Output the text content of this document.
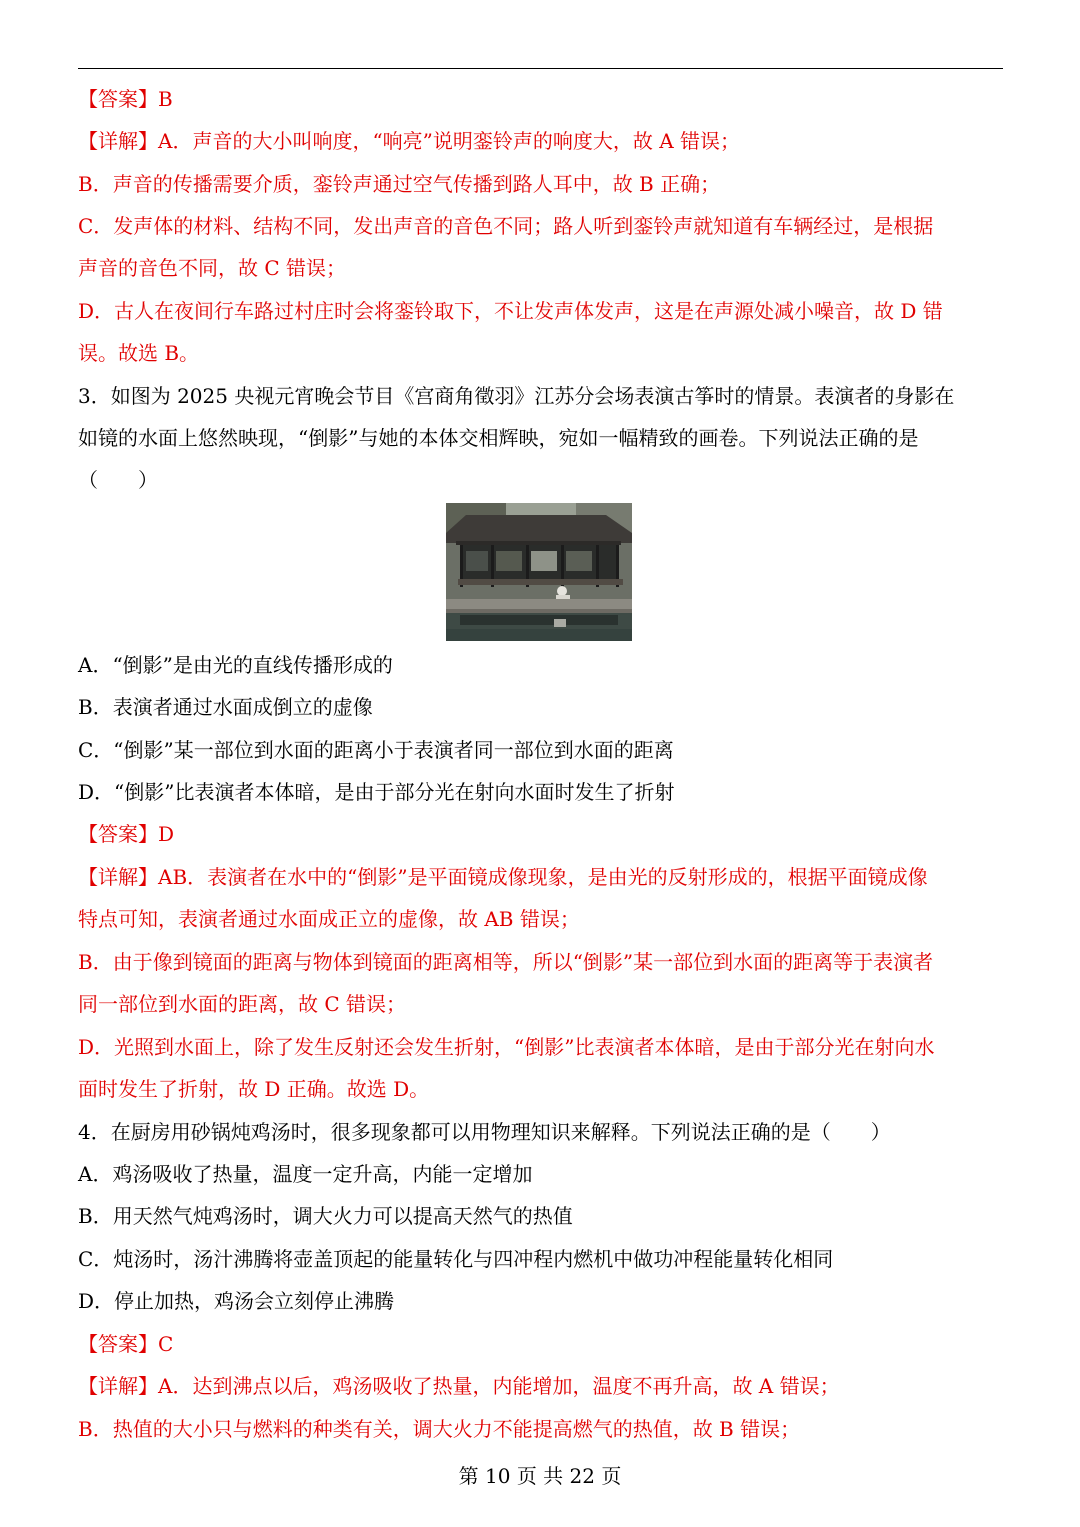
【答案】B
【详解】A．声音的大小叫响度，“响亮”说明銮铃声的响度大，故 A 错误；
B．声音的传播需要介质，銮铃声通过空气传播到路人耳中，故 B 正确；
C．发声体的材料、结构不同，发出声音的音色不同；路人听到銮铃声就知道有车辆经过，是根据
声音的音色不同，故 C 错误；
D．古人在夜间行车路过村庄时会将銮铃取下，不让发声体发声，这是在声源处减小噪音，故 D 错
误。故选 B。
3．如图为 2025 央视元宵晚会节目《宫商角徵羽》江苏分会场表演古筝时的情景。表演者的身影在
如镜的水面上悠然映现，“倒影”与她的本体交相辉映，宛如一幅精致的画卷。下列说法正确的是
（　　）
A．“倒影”是由光的直线传播形成的
B．表演者通过水面成倒立的虚像
C．“倒影”某一部位到水面的距离小于表演者同一部位到水面的距离
D．“倒影”比表演者本体暗，是由于部分光在射向水面时发生了折射
【答案】D
【详解】AB．表演者在水中的“倒影”是平面镜成像现象，是由光的反射形成的，根据平面镜成像
特点可知，表演者通过水面成正立的虚像，故 AB 错误；
B．由于像到镜面的距离与物体到镜面的距离相等，所以“倒影”某一部位到水面的距离等于表演者
同一部位到水面的距离，故 C 错误；
D．光照到水面上，除了发生反射还会发生折射，“倒影”比表演者本体暗，是由于部分光在射向水
面时发生了折射，故 D 正确。故选 D。
4．在厨房用砂锅炖鸡汤时，很多现象都可以用物理知识来解释。下列说法正确的是（　　）
A．鸡汤吸收了热量，温度一定升高，内能一定增加
B．用天然气炖鸡汤时，调大火力可以提高天然气的热值
C．炖汤时，汤汁沸腾将壶盖顶起的能量转化与四冲程内燃机中做功冲程能量转化相同
D．停止加热，鸡汤会立刻停止沸腾
【答案】C
【详解】A．达到沸点以后，鸡汤吸收了热量，内能增加，温度不再升高，故 A 错误；
B．热值的大小只与燃料的种类有关，调大火力不能提高燃气的热值，故 B 错误；
第 10 页 共 22 页
